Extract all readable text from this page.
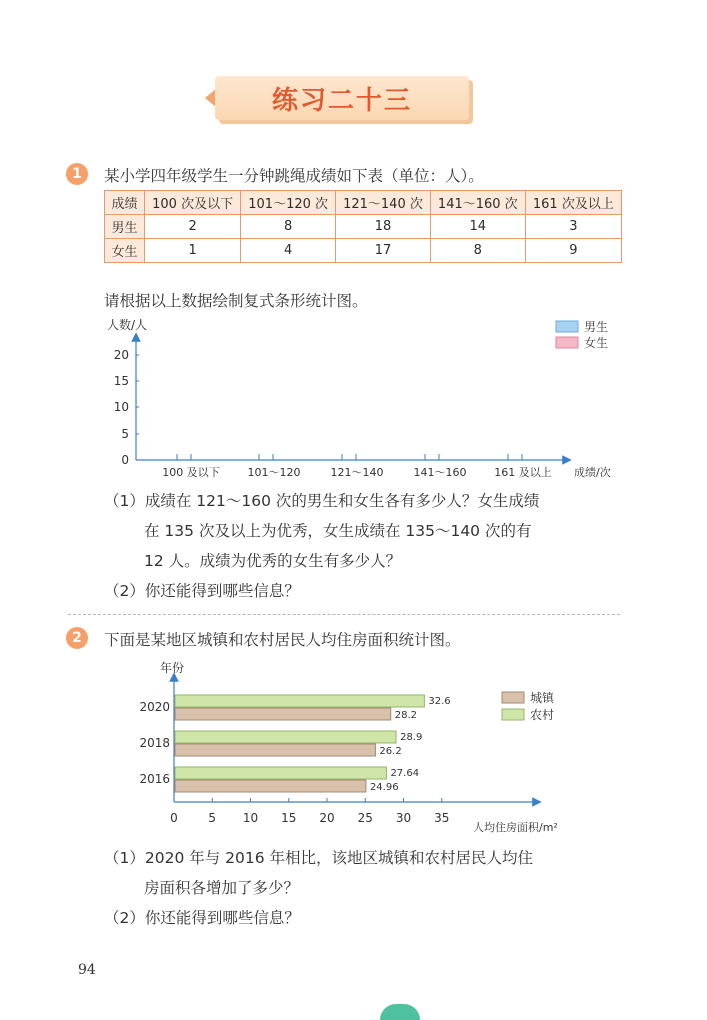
练习二十三
1	某小学四年级学生一分钟跳绳成绩如下表（单位：人）。
成绩	100 次及以下	101～120 次	121～140 次	141～160 次	161 次及以上
男生	2	8	18	14	3
女生	1	4	17	8	9
请根据以上数据绘制复式条形统计图。
人数/人
0
5
10
15
20
100 及以下	101～120	121～140	141～160	161 及以上 成绩/次
男生
女生
（1）成绩在 121～160 次的男生和女生各有多少人？女生成绩
在 135 次及以上为优秀，女生成绩在 135～140 次的有
12 人。成绩为优秀的女生有多少人？
（2）你还能得到哪些信息？
2	下面是某地区城镇和农村居民人均住房面积统计图。
年份
人均住房面积/m²
城镇
农村
0	5 10 15 20 25 30 35
2020	32.6
28.2
2018	28.9
26.2
2016	27.64
24.96
（1）2020 年与 2016 年相比，该地区城镇和农村居民人均住
房面积各增加了多少？
（2）你还能得到哪些信息？
94
